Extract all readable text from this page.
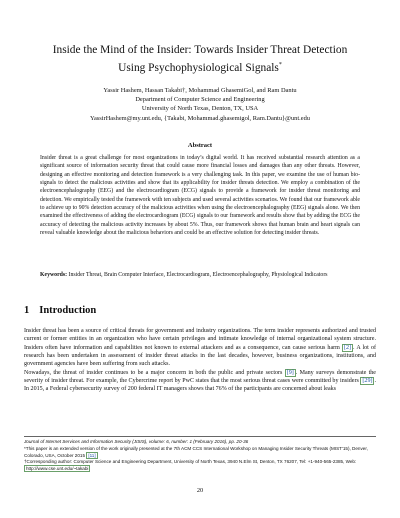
Inside the Mind of the Insider: Towards Insider Threat Detection
Using Psychophysiological Signals*
Yassir Hashem, Hassan Takabi†, Mohammad GhasemiGol, and Ram Dantu
Department of Computer Science and Engineering
University of North Texas, Denton, TX, USA
YassirHashem@my.unt.edu, {Takabi, Mohammad.ghasemigol, Ram.Dantu}@unt.edu
Abstract
Insider threat is a great challenge for most organizations in today’s digital world. It has received substantial research attention as a significant source of information security threat that could cause more financial losses and damages than any other threats. However, designing an effective monitoring and detection framework is a very challenging task. In this paper, we examine the use of human bio-signals to detect the malicious activities and show that its applicability for insider threats detection. We employ a combination of the electroencephalography (EEG) and the electrocardiogram (ECG) signals to provide a framework for insider threat monitoring and detection. We empirically tested the framework with ten subjects and used several activities scenarios. We found that our framework able to achieve up to 90% detection accuracy of the malicious activities when using the electroencephalography (EEG) signals alone. We then examined the effectiveness of adding the electrocardiogram (ECG) signals to our framework and results show that by adding the ECG the accuracy of detecting the malicious activity increases by about 5%. Thus, our framework shows that human brain and heart signals can reveal valuable knowledge about the malicious behaviors and could be an effective solution for detecting insider threats.
Keywords: Insider Threat, Brain Computer Interface, Electrocardiogram, Electroencephalography, Physiological Indicators
1 Introduction
Insider threat has been a source of critical threats for government and industry organizations. The term insider represents authorized and trusted current or former entities in an organization who have certain privileges and intimate knowledge of internal organizational system structure. Insiders often have information and capabilities not known to external attackers and as a consequence, can cause serious harm [2] . A lot of research has been undertaken in assessment of insider threat attacks in the last decades, however, business organizations, institutions, and government agencies have been suffering from such attacks.
Nowadays, the threat of insider continues to be a major concern in both the public and private sectors [9] . Many surveys demonstrate the severity of insider threat. For example, the Cybercrime report by PwC states that the most serious threat cases were committed by insiders [29] . In 2015, a Federal cybersecurity survey of 200 federal IT managers shows that 76% of the participants are concerned about leaks
Journal of Internet Services and Information Security (JISIS), volume: 6, number: 1 (February 2016), pp. 20-36
*This paper is an extended version of the work originally presented at the 7th ACM CCS International Workshop on Managing Insider Security Threats (MIST'15), Denver, Colorado, USA, October 2015 [11]
†Corresponding author: Computer Science and Engineering Department, University of North Texas, 3940 N.Elm St, Denton, TX 76207, Tel: +1-940-565-2385, Web: http://www.cse.unt.edu/~takabi
20
